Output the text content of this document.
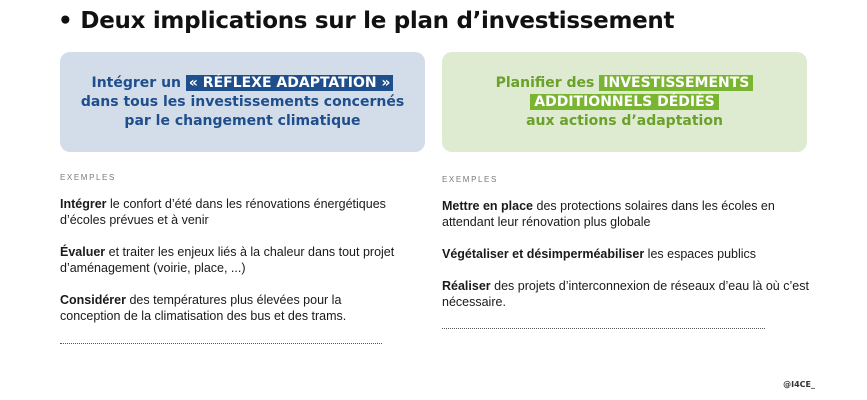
• Deux implications sur le plan d’investissement
Intégrer un « RÉFLEXE ADAPTATION »
dans tous les investissements concernés
par le changement climatique
Planifier des INVESTISSEMENTS
ADDITIONNELS DÉDIÉS
aux actions d’adaptation
EXEMPLES
Intégrer le confort d’été dans les rénovations énergétiques d’écoles prévues et à venir
Évaluer et traiter les enjeux liés à la chaleur dans tout projet d’aménagement (voirie, place, ...)
Considérer des températures plus élevées pour la conception de la climatisation des bus et des trams.
EXEMPLES
Mettre en place des protections solaires dans les écoles en attendant leur rénovation plus globale
Végétaliser et désimperméabiliser les espaces publics
Réaliser des projets d’interconnexion de réseaux d’eau là où c’est nécessaire.
@I4CE_
